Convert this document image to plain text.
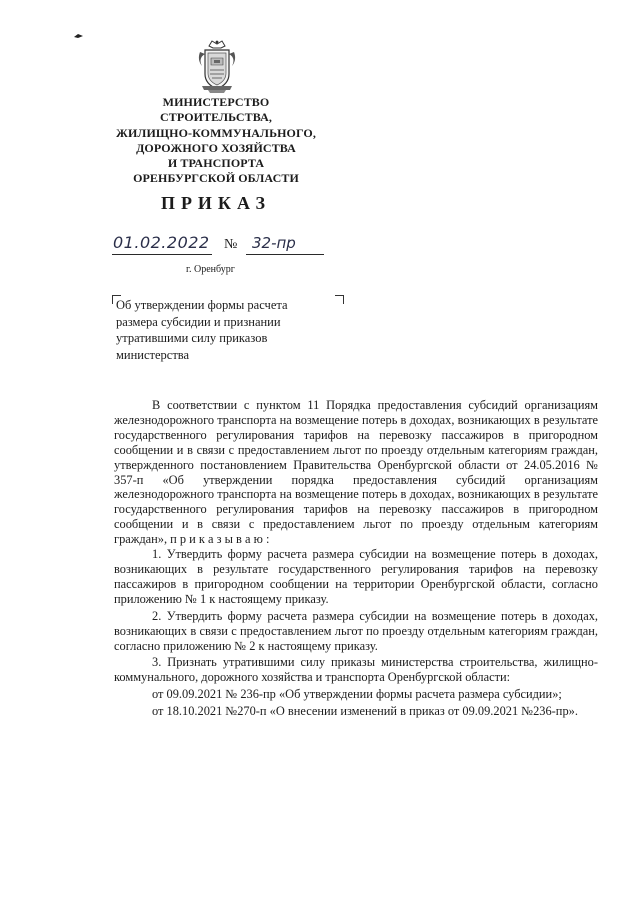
МИНИСТЕРСТВО
СТРОИТЕЛЬСТВА,
ЖИЛИЩНО-КОММУНАЛЬНОГО,
ДОРОЖНОГО ХОЗЯЙСТВА
И ТРАНСПОРТА
ОРЕНБУРГСКОЙ ОБЛАСТИ
ПРИКАЗ
01.02.2022 № 32-пр
г. Оренбург
Об утверждении формы расчета
размера субсидии и признании
утратившими силу приказов
министерства

В соответствии с пунктом 11 Порядка предоставления субсидий организациям железнодорожного транспорта на возмещение потерь в доходах, возникающих в результате государственного регулирования тарифов на перевозку пассажиров в пригородном сообщении и в связи с предоставлением льгот по проезду отдельным категориям граждан, утвержденного постановлением Правительства Оренбургской области от 24.05.2016 № 357-п «Об утверждении порядка предоставления субсидий организациям железнодорожного транспорта на возмещение потерь в доходах, возникающих в результате государственного регулирования тарифов на перевозку пассажиров в пригородном сообщении и в связи с предоставлением льгот по проезду отдельным категориям граждан», п р и к а з ы в а ю :

1. Утвердить форму расчета размера субсидии на возмещение потерь в доходах, возникающих в результате государственного регулирования тарифов на перевозку пассажиров в пригородном сообщении на территории Оренбургской области, согласно приложению № 1 к настоящему приказу.

2. Утвердить форму расчета размера субсидии на возмещение потерь в доходах, возникающих в связи с предоставлением льгот по проезду отдельным категориям граждан, согласно приложению № 2 к настоящему приказу.

3. Признать утратившими силу приказы министерства строительства, жилищно-коммунального, дорожного хозяйства и транспорта Оренбургской области:

от 09.09.2021 № 236-пр «Об утверждении формы расчета размера субсидии»;

от 18.10.2021 №270-п «О внесении изменений в приказ от 09.09.2021 №236-пр».
